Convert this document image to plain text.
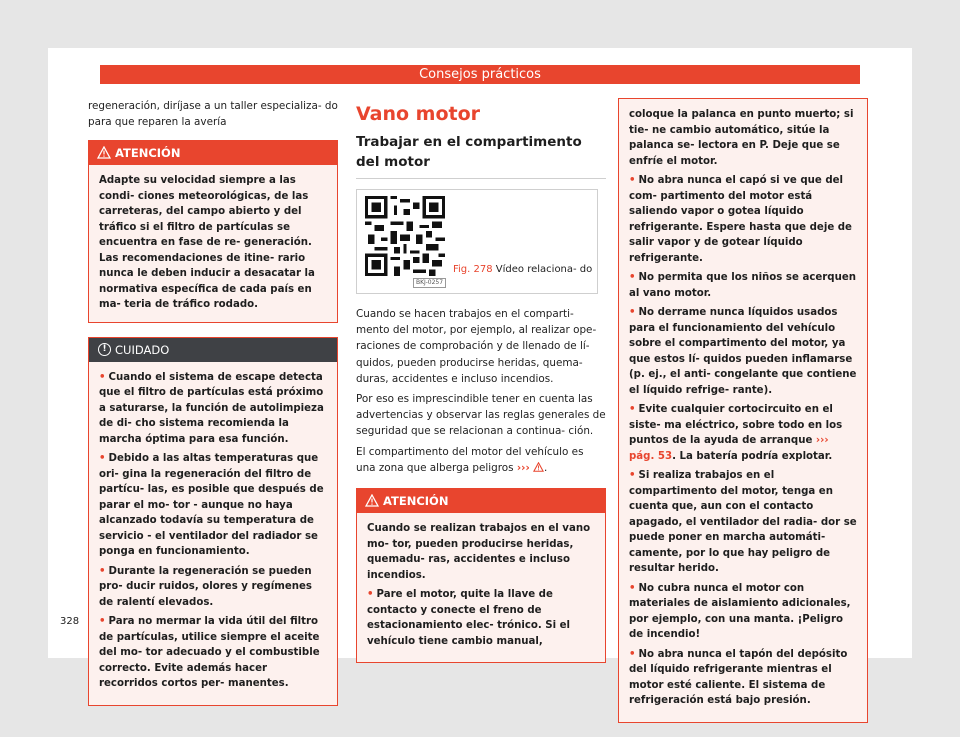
Consejos prácticos

regeneración, diríjase a un taller especializa- do para que reparen la avería

ATENCIÓN
Adapte su velocidad siempre a las condi- ciones meteorológicas, de las carreteras, del campo abierto y del tráfico si el filtro de partículas se encuentra en fase de re- generación. Las recomendaciones de itine- rario nunca le deben inducir a desacatar la normativa específica de cada país en ma- teria de tráfico rodado.
! CUIDADO
• Cuando el sistema de escape detecta que el filtro de partículas está próximo a saturarse, la función de autolimpieza de di- cho sistema recomienda la marcha óptima para esa función.
• Debido a las altas temperaturas que ori- gina la regeneración del filtro de partícu- las, es posible que después de parar el mo- tor - aunque no haya alcanzado todavía su temperatura de servicio - el ventilador del radiador se ponga en funcionamiento.
• Durante la regeneración se pueden pro- ducir ruidos, olores y regímenes de ralentí elevados.
• Para no mermar la vida útil del filtro de partículas, utilice siempre el aceite del mo- tor adecuado y el combustible correcto. Evite además hacer recorridos cortos per- manentes.
Vano motor
Trabajar en el compartimento del motor
BKJ-0257
Fig. 278 Vídeo relaciona- do

Cuando se hacen trabajos en el comparti- mento del motor, por ejemplo, al realizar ope- raciones de comprobación y de llenado de lí- quidos, pueden producirse heridas, quema- duras, accidentes e incluso incendios.

Por eso es imprescindible tener en cuenta las advertencias y observar las reglas generales de seguridad que se relacionan a continua- ción.

El compartimento del motor del vehículo es una zona que alberga peligros ››› .

ATENCIÓN
Cuando se realizan trabajos en el vano mo- tor, pueden producirse heridas, quemadu- ras, accidentes e incluso incendios.
• Pare el motor, quite la llave de contacto y conecte el freno de estacionamiento elec- trónico. Si el vehículo tiene cambio manual,
coloque la palanca en punto muerto; si tie- ne cambio automático, sitúe la palanca se- lectora en P. Deje que se enfríe el motor.
• No abra nunca el capó si ve que del com- partimento del motor está saliendo vapor o gotea líquido refrigerante. Espere hasta que deje de salir vapor y de gotear líquido refrigerante.
• No permita que los niños se acerquen al vano motor.
• No derrame nunca líquidos usados para el funcionamiento del vehículo sobre el compartimento del motor, ya que estos lí- quidos pueden inflamarse (p. ej., el anti- congelante que contiene el líquido refrige- rante).
• Evite cualquier cortocircuito en el siste- ma eléctrico, sobre todo en los puntos de la ayuda de arranque ››› pág. 53. La batería podría explotar.
• Si realiza trabajos en el compartimento del motor, tenga en cuenta que, aun con el contacto apagado, el ventilador del radia- dor se puede poner en marcha automáti- camente, por lo que hay peligro de resultar herido.
• No cubra nunca el motor con materiales de aislamiento adicionales, por ejemplo, con una manta. ¡Peligro de incendio!
• No abra nunca el tapón del depósito del líquido refrigerante mientras el motor esté caliente. El sistema de refrigeración está bajo presión.
328
